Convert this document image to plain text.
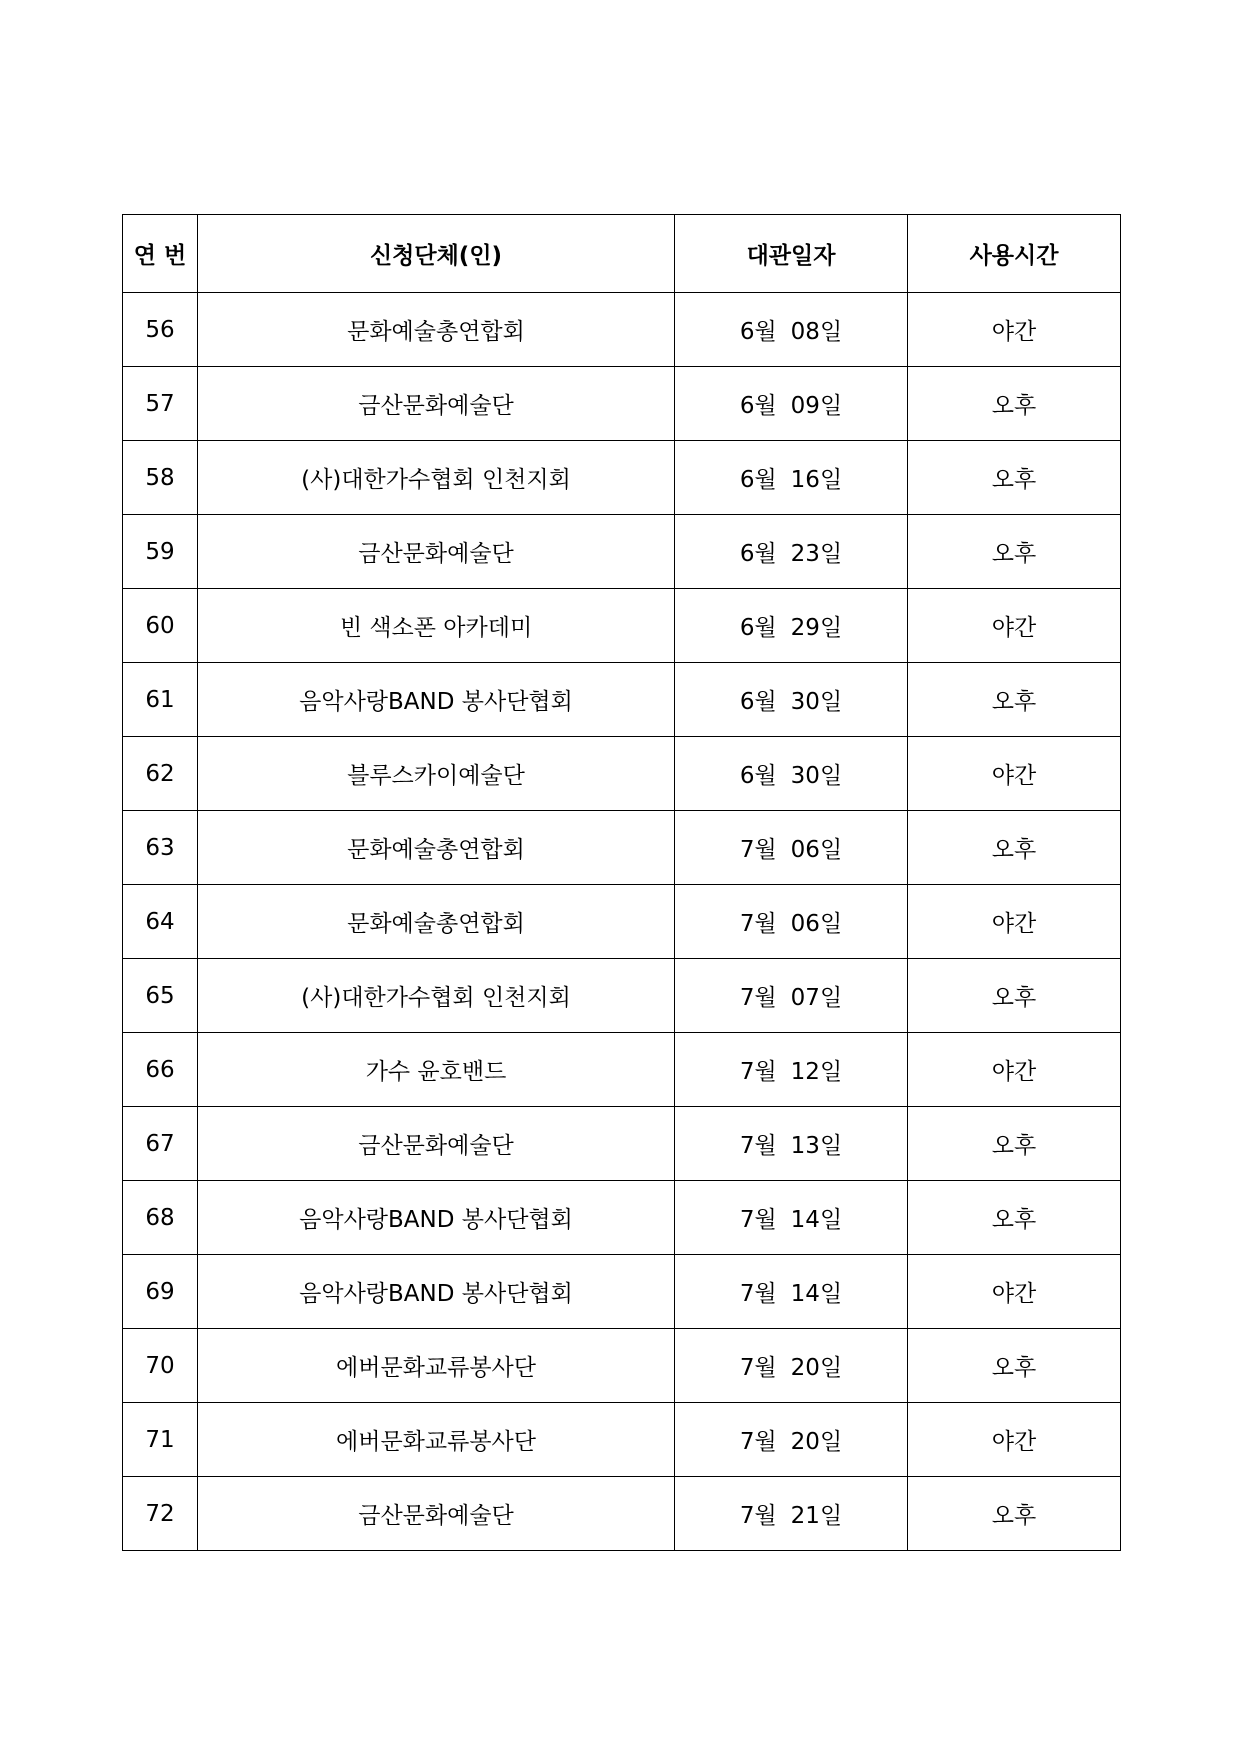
연 번	신청단체(인)	대관일자	사용시간
56	문화예술총연합회	6월 08일	야간
57	금산문화예술단	6월 09일	오후
58	(사)대한가수협회 인천지회	6월 16일	오후
59	금산문화예술단	6월 23일	오후
60	빈 색소폰 아카데미	6월 29일	야간
61	음악사랑BAND 봉사단협회	6월 30일	오후
62	블루스카이예술단	6월 30일	야간
63	문화예술총연합회	7월 06일	오후
64	문화예술총연합회	7월 06일	야간
65	(사)대한가수협회 인천지회	7월 07일	오후
66	가수 윤호밴드	7월 12일	야간
67	금산문화예술단	7월 13일	오후
68	음악사랑BAND 봉사단협회	7월 14일	오후
69	음악사랑BAND 봉사단협회	7월 14일	야간
70	에버문화교류봉사단	7월 20일	오후
71	에버문화교류봉사단	7월 20일	야간
72	금산문화예술단	7월 21일	오후
